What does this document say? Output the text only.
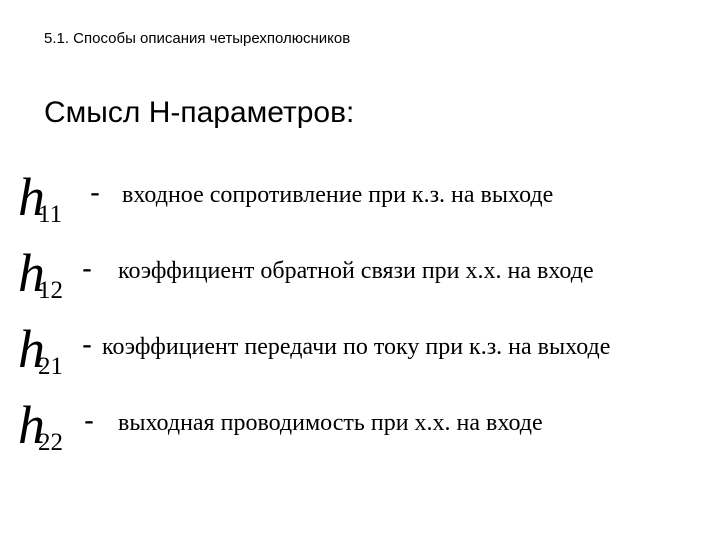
5.1. Способы описания четырехполюсников
Смысл Н-параметров:
h
11
- входное сопротивление при к.з. на выходе
h
12
- коэффициент обратной связи при х.х. на входе
h
21
- коэффициент передачи по току при к.з. на выходе
h
22
- выходная проводимость при х.х. на входе
